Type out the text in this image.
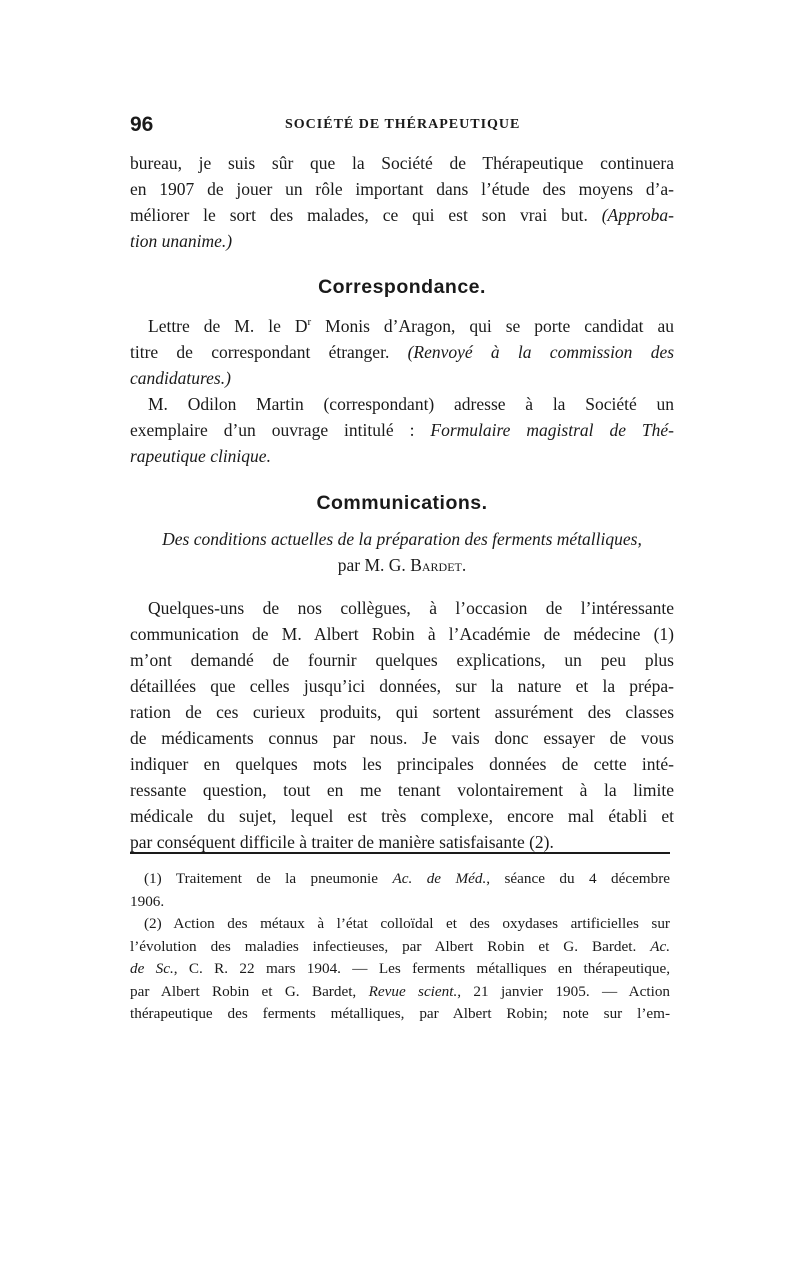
96	SOCIÉTÉ DE THÉRAPEUTIQUE
bureau, je suis sûr que la Société de Thérapeutique continuera
en 1907 de jouer un rôle important dans l’étude des moyens d’a-
méliorer le sort des malades, ce qui est son vrai but. (Approba-
tion unanime.)
Correspondance.
Lettre de M. le $D^r$ Monis d’Aragon, qui se porte candidat au
titre de correspondant étranger. (Renvoyé à la commission des
candidatures.)
M. Odilon Martin (correspondant) adresse à la Société un
exemplaire d’un ouvrage intitulé : Formulaire magistral de Thé-
rapeutique clinique.
Communications.
Des conditions actuelles de la préparation des ferments métalliques,
par M. G. Bardet.
Quelques-uns de nos collègues, à l’occasion de l’intéressante
communication de M. Albert Robin à l’Académie de médecine (1)
m’ont demandé de fournir quelques explications, un peu plus
détaillées que celles jusqu’ici données, sur la nature et la prépa-
ration de ces curieux produits, qui sortent assurément des classes
de médicaments connus par nous. Je vais donc essayer de vous
indiquer en quelques mots les principales données de cette inté-
ressante question, tout en me tenant volontairement à la limite
médicale du sujet, lequel est très complexe, encore mal établi et
par conséquent difficile à traiter de manière satisfaisante (2).
(1) Traitement de la pneumonie Ac. de Méd., séance du 4 décembre
1906.
(2) Action des métaux à l’état colloïdal et des oxydases artificielles sur
l’évolution des maladies infectieuses, par Albert Robin et G. Bardet. Ac.
de Sc., C. R. 22 mars 1904. — Les ferments métalliques en thérapeutique,
par Albert Robin et G. Bardet, Revue scient., 21 janvier 1905. — Action
thérapeutique des ferments métalliques, par Albert Robin; note sur l’em-
